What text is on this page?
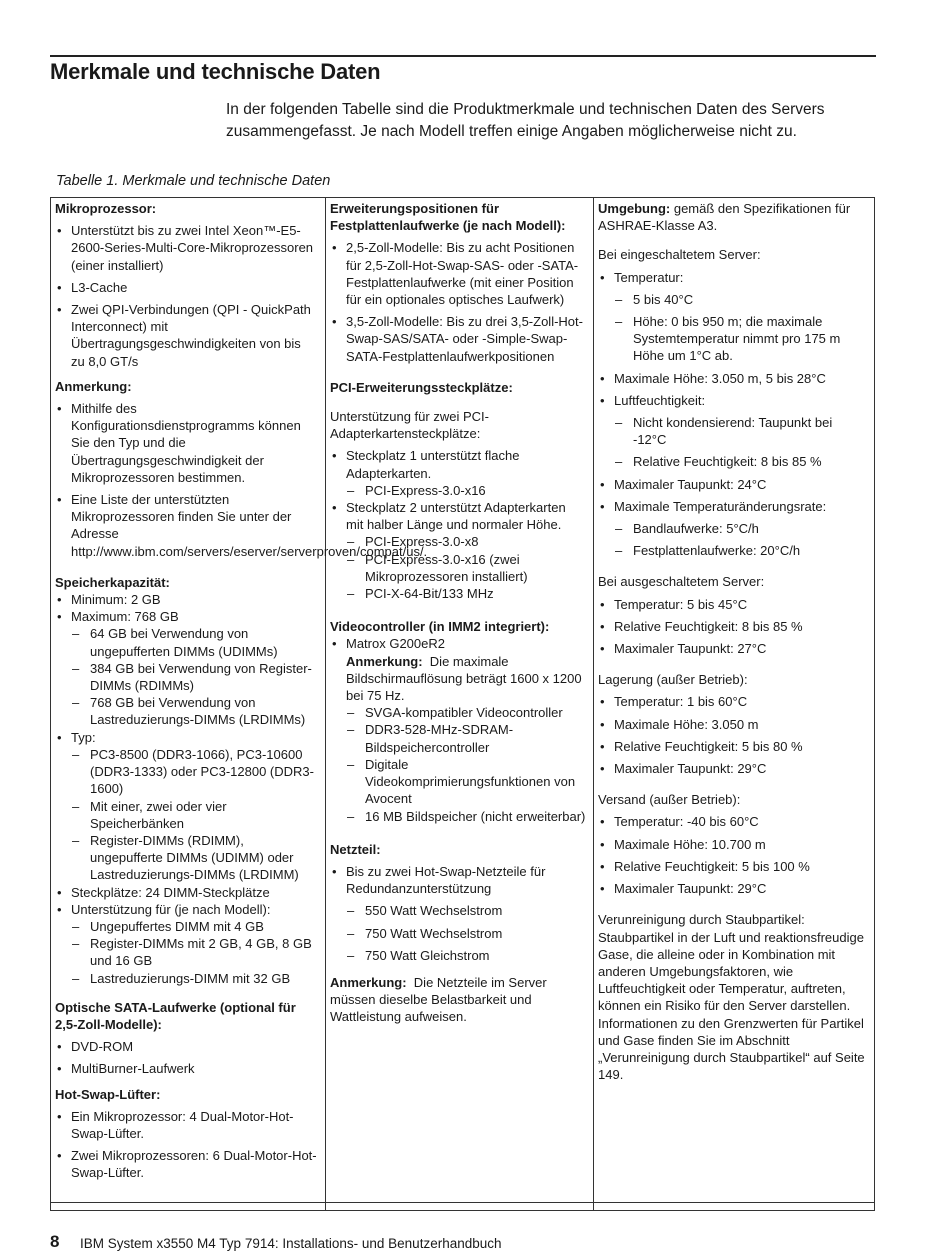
Merkmale und technische Daten

In der folgenden Tabelle sind die Produktmerkmale und technischen Daten des Servers zusammengefasst. Je nach Modell treffen einige Angaben möglicherweise nicht zu.

Tabelle 1. Merkmale und technische Daten

Mikroprozessor:
• Unterstützt bis zu zwei Intel Xeon™-E5-2600-Series-Multi-Core-Mikroprozessoren (einer installiert)
• L3-Cache
• Zwei QPI-Verbindungen (QPI - QuickPath Interconnect) mit Übertragungsgeschwindigkeiten von bis zu 8,0 GT/s
Anmerkung:
• Mithilfe des Konfigurationsdienstprogramms können Sie den Typ und die Übertragungsgeschwindigkeit der Mikroprozessoren bestimmen.
• Eine Liste der unterstützten Mikroprozessoren finden Sie unter der Adresse http://www.ibm.com/servers/eserver/serverproven/compat/us/.
Speicherkapazität:
• Minimum: 2 GB
• Maximum: 768 GB
– 64 GB bei Verwendung von ungepufferten DIMMs (UDIMMs)
– 384 GB bei Verwendung von Register-DIMMs (RDIMMs)
– 768 GB bei Verwendung von Lastreduzierungs-DIMMs (LRDIMMs)
• Typ:
– PC3-8500 (DDR3-1066), PC3-10600 (DDR3-1333) oder PC3-12800 (DDR3-1600)
– Mit einer, zwei oder vier Speicherbänken
– Register-DIMMs (RDIMM), ungepufferte DIMMs (UDIMM) oder Lastreduzierungs-DIMMs (LRDIMM)
• Steckplätze: 24 DIMM-Steckplätze
• Unterstützung für (je nach Modell):
– Ungepuffertes DIMM mit 4 GB
– Register-DIMMs mit 2 GB, 4 GB, 8 GB und 16 GB
– Lastreduzierungs-DIMM mit 32 GB
Optische SATA-Laufwerke (optional für 2,5-Zoll-Modelle):
• DVD-ROM
• MultiBurner-Laufwerk
Hot-Swap-Lüfter:
• Ein Mikroprozessor: 4 Dual-Motor-Hot-Swap-Lüfter.
• Zwei Mikroprozessoren: 6 Dual-Motor-Hot-Swap-Lüfter.
Erweiterungspositionen für Festplattenlaufwerke (je nach Modell):
• 2,5-Zoll-Modelle: Bis zu acht Positionen für 2,5-Zoll-Hot-Swap-SAS- oder -SATA-Festplattenlaufwerke (mit einer Position für ein optionales optisches Laufwerk)
• 3,5-Zoll-Modelle: Bis zu drei 3,5-Zoll-Hot-Swap-SAS/SATA- oder -Simple-Swap-SATA-Festplattenlaufwerkpositionen
PCI-Erweiterungssteckplätze:
Unterstützung für zwei PCI-Adapterkartensteckplätze:
• Steckplatz 1 unterstützt flache Adapterkarten.
– PCI-Express-3.0-x16
• Steckplatz 2 unterstützt Adapterkarten mit halber Länge und normaler Höhe.
– PCI-Express-3.0-x8
– PCI-Express-3.0-x16 (zwei Mikroprozessoren installiert)
– PCI-X-64-Bit/133 MHz
Videocontroller (in IMM2 integriert):
• Matrox G200eR2
Anmerkung: Die maximale Bildschirmauflösung beträgt 1600 x 1200 bei 75 Hz.
– SVGA-kompatibler Videocontroller
– DDR3-528-MHz-SDRAM-Bildspeichercontroller
– Digitale Videokomprimierungsfunktionen von Avocent
– 16 MB Bildspeicher (nicht erweiterbar)
Netzteil:
• Bis zu zwei Hot-Swap-Netzteile für Redundanzunterstützung
– 550 Watt Wechselstrom
– 750 Watt Wechselstrom
– 750 Watt Gleichstrom
Anmerkung: Die Netzteile im Server müssen dieselbe Belastbarkeit und Wattleistung aufweisen.
Umgebung: gemäß den Spezifikationen für ASHRAE-Klasse A3.
Bei eingeschaltetem Server:
• Temperatur:
– 5 bis 40°C
– Höhe: 0 bis 950 m; die maximale Systemtemperatur nimmt pro 175 m Höhe um 1°C ab.
• Maximale Höhe: 3.050 m, 5 bis 28°C
• Luftfeuchtigkeit:
– Nicht kondensierend: Taupunkt bei -12°C
– Relative Feuchtigkeit: 8 bis 85 %
• Maximaler Taupunkt: 24°C
• Maximale Temperaturänderungsrate:
– Bandlaufwerke: 5°C/h
– Festplattenlaufwerke: 20°C/h
Bei ausgeschaltetem Server:
• Temperatur: 5 bis 45°C
• Relative Feuchtigkeit: 8 bis 85 %
• Maximaler Taupunkt: 27°C
Lagerung (außer Betrieb):
• Temperatur: 1 bis 60°C
• Maximale Höhe: 3.050 m
• Relative Feuchtigkeit: 5 bis 80 %
• Maximaler Taupunkt: 29°C
Versand (außer Betrieb):
• Temperatur: -40 bis 60°C
• Maximale Höhe: 10.700 m
• Relative Feuchtigkeit: 5 bis 100 %
• Maximaler Taupunkt: 29°C
Verunreinigung durch Staubpartikel: Staubpartikel in der Luft und reaktionsfreudige Gase, die alleine oder in Kombination mit anderen Umgebungsfaktoren, wie Luftfeuchtigkeit oder Temperatur, auftreten, können ein Risiko für den Server darstellen. Informationen zu den Grenzwerten für Partikel und Gase finden Sie im Abschnitt „Verunreinigung durch Staubpartikel“ auf Seite 149.
8 IBM System x3550 M4 Typ 7914: Installations- und Benutzerhandbuch
